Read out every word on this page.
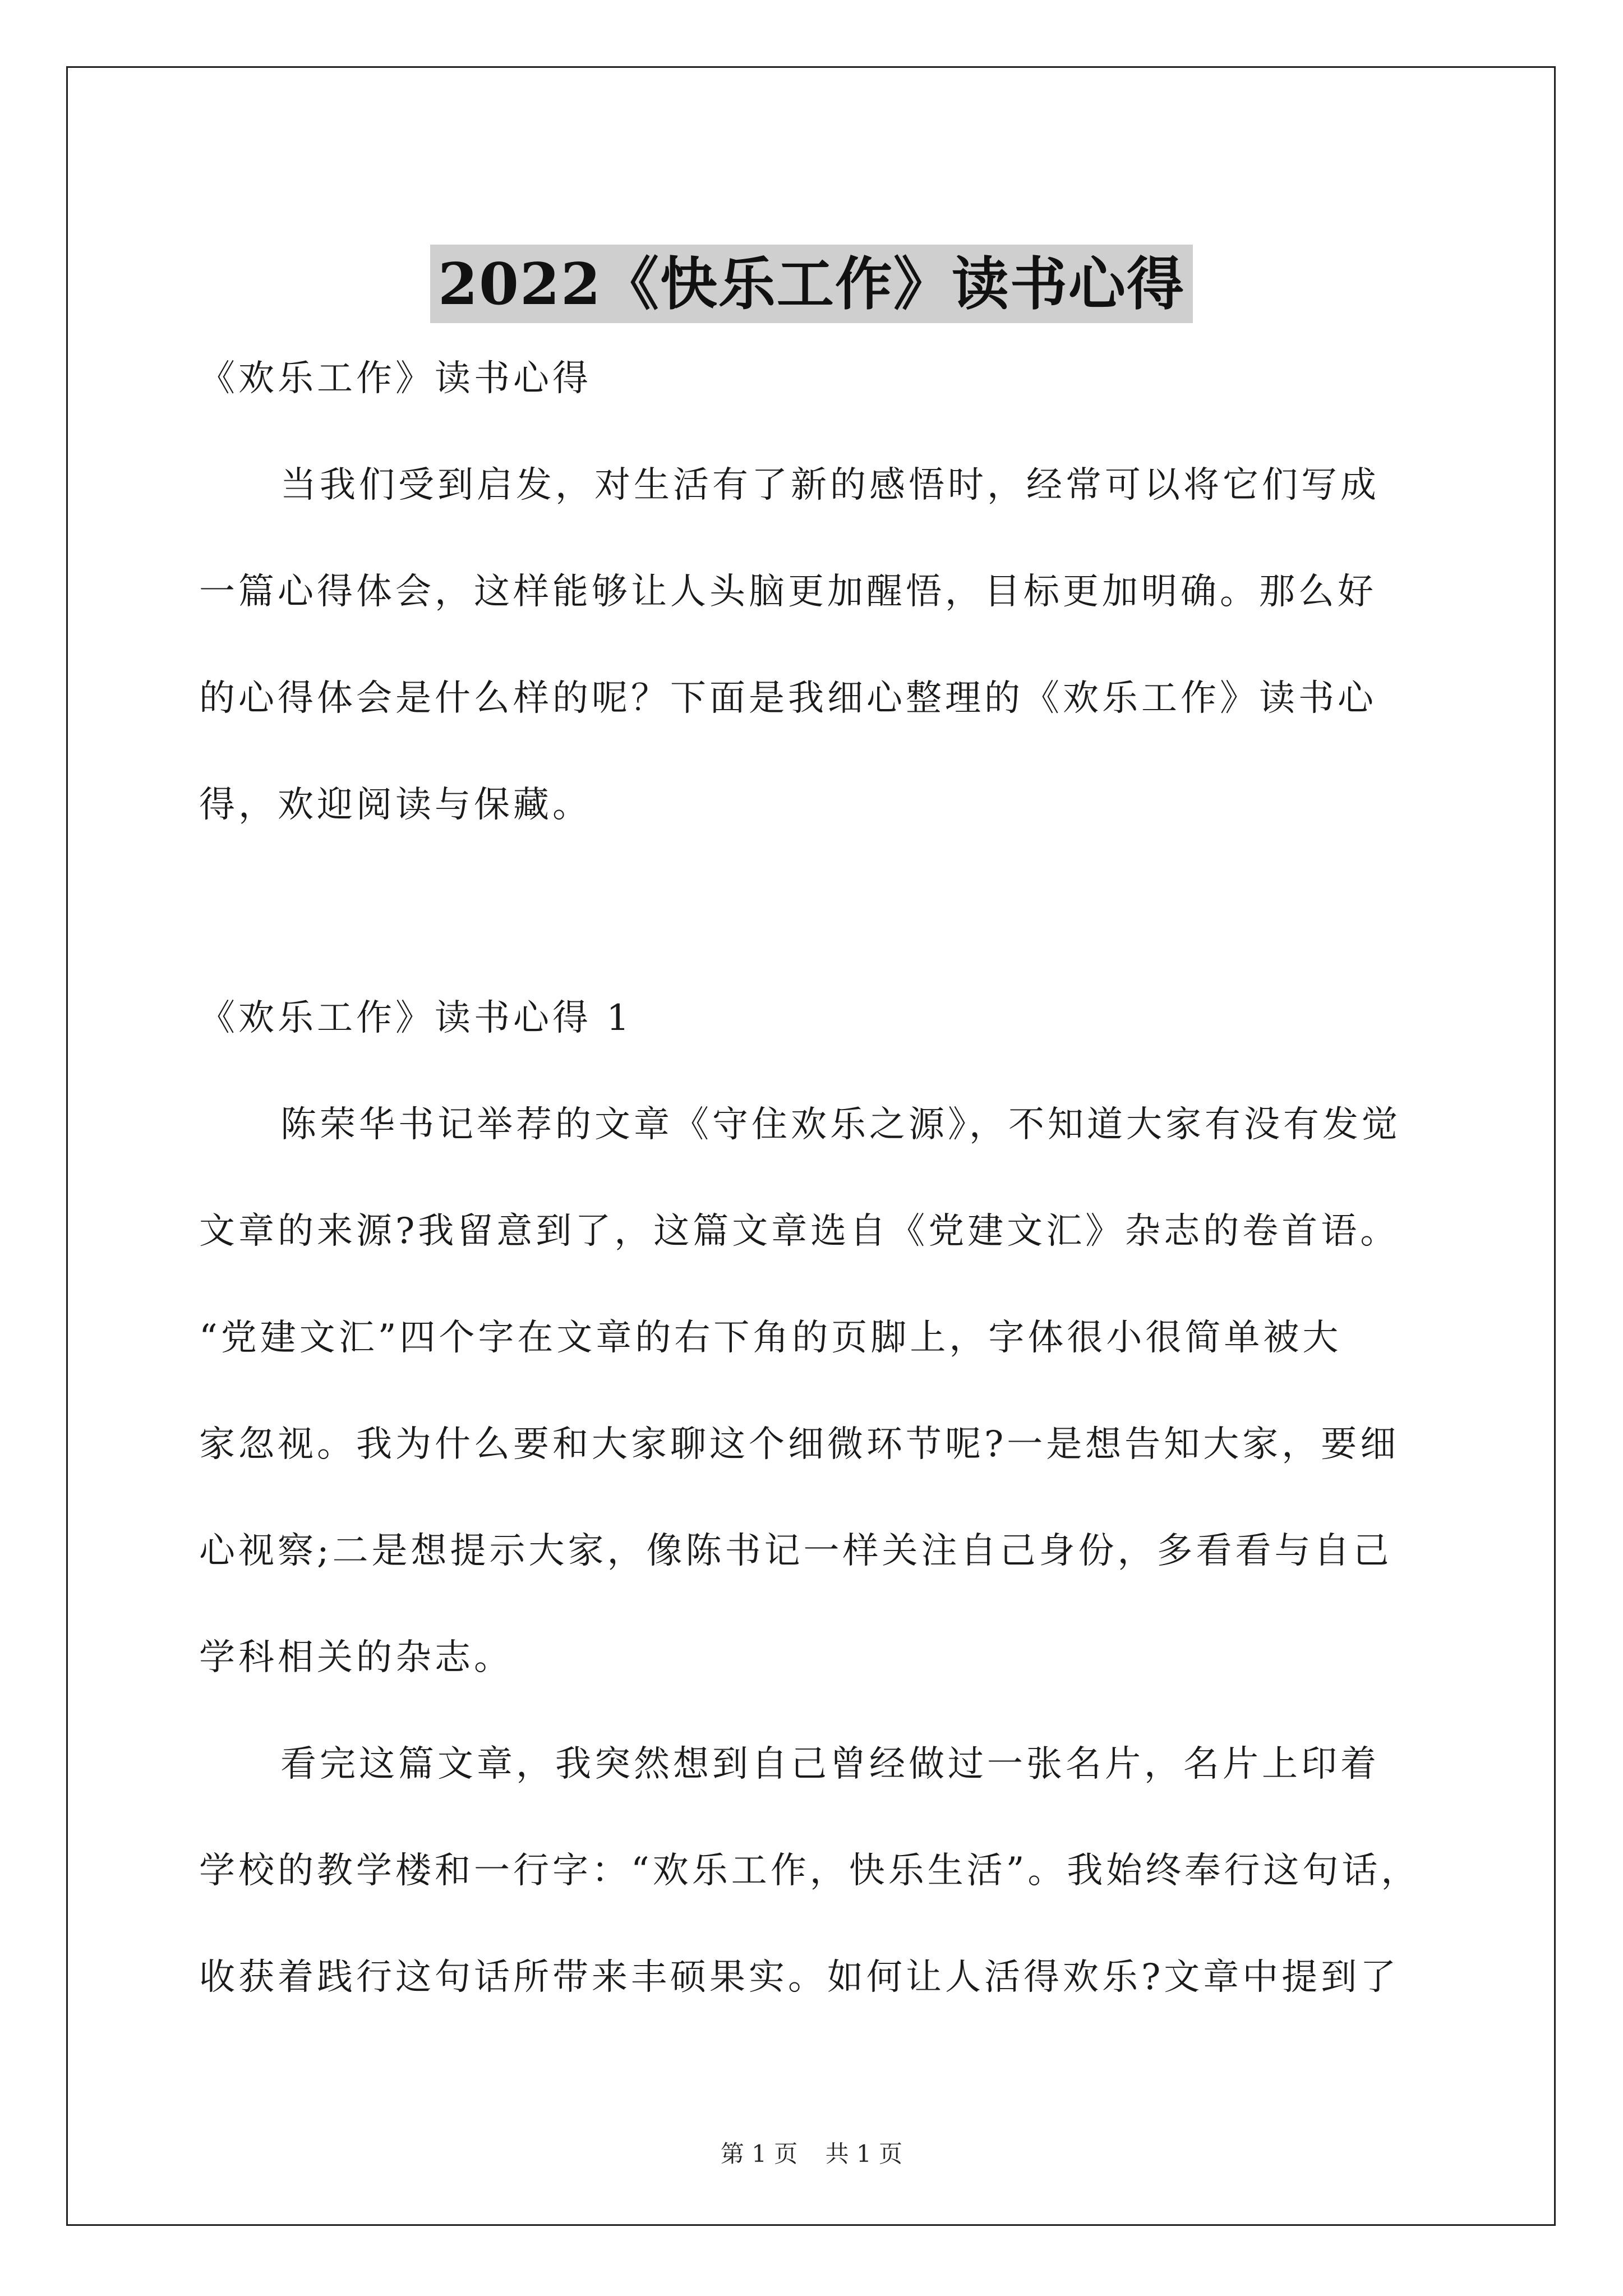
2022《快乐工作》读书心得

《欢乐工作》读书心得

当我们受到启发，对生活有了新的感悟时，经常可以将它们写成

一篇心得体会，这样能够让人头脑更加醒悟，目标更加明确。那么好

的心得体会是什么样的呢？下面是我细心整理的《欢乐工作》读书心

得，欢迎阅读与保藏。

《欢乐工作》读书心得 1

陈荣华书记举荐的文章《守住欢乐之源》，不知道大家有没有发觉

文章的来源?我留意到了，这篇文章选自《党建文汇》杂志的卷首语。

“党建文汇”四个字在文章的右下角的页脚上，字体很小很简单被大

家忽视。我为什么要和大家聊这个细微环节呢?一是想告知大家，要细

心视察;二是想提示大家，像陈书记一样关注自己身份，多看看与自己

学科相关的杂志。

看完这篇文章，我突然想到自己曾经做过一张名片，名片上印着

学校的教学楼和一行字：“欢乐工作，快乐生活”。我始终奉行这句话，

收获着践行这句话所带来丰硕果实。如何让人活得欢乐?文章中提到了

第 1 页 共 1 页
